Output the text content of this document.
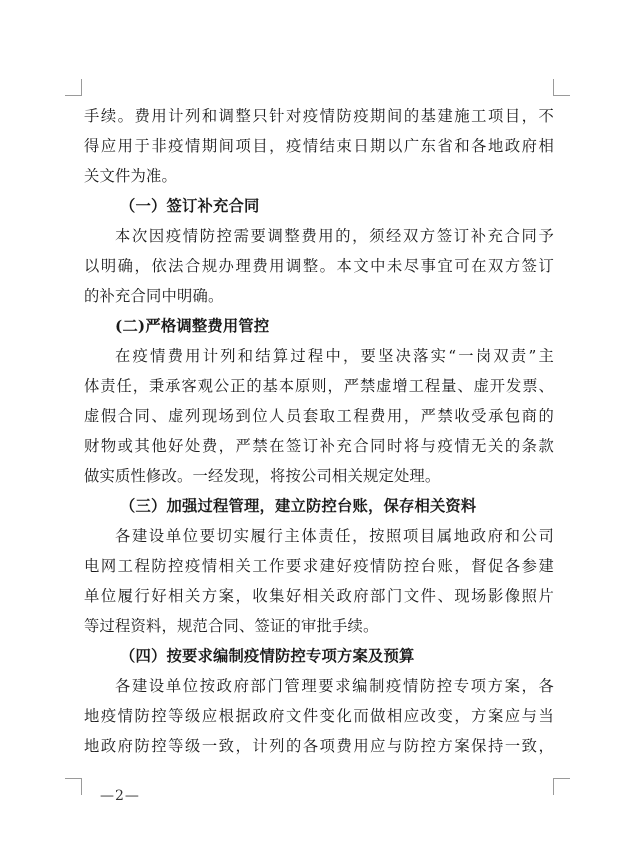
手续。费用计列和调整只针对疫情防疫期间的基建施工项目，不
得应用于非疫情期间项目，疫情结束日期以广东省和各地政府相
关文件为准。
（一）签订补充合同
本次因疫情防控需要调整费用的，须经双方签订补充合同予
以明确，依法合规办理费用调整。本文中未尽事宜可在双方签订
的补充合同中明确。
(二)严格调整费用管控
在疫情费用计列和结算过程中，要坚决落实“一岗双责”主
体责任，秉承客观公正的基本原则，严禁虚增工程量、虚开发票、
虚假合同、虚列现场到位人员套取工程费用，严禁收受承包商的
财物或其他好处费，严禁在签订补充合同时将与疫情无关的条款
做实质性修改。一经发现，将按公司相关规定处理。
（三）加强过程管理，建立防控台账，保存相关资料
各建设单位要切实履行主体责任，按照项目属地政府和公司
电网工程防控疫情相关工作要求建好疫情防控台账，督促各参建
单位履行好相关方案，收集好相关政府部门文件、现场影像照片
等过程资料，规范合同、签证的审批手续。
（四）按要求编制疫情防控专项方案及预算
各建设单位按政府部门管理要求编制疫情防控专项方案，各
地疫情防控等级应根据政府文件变化而做相应改变，方案应与当
地政府防控等级一致，计列的各项费用应与防控方案保持一致，
—2—
